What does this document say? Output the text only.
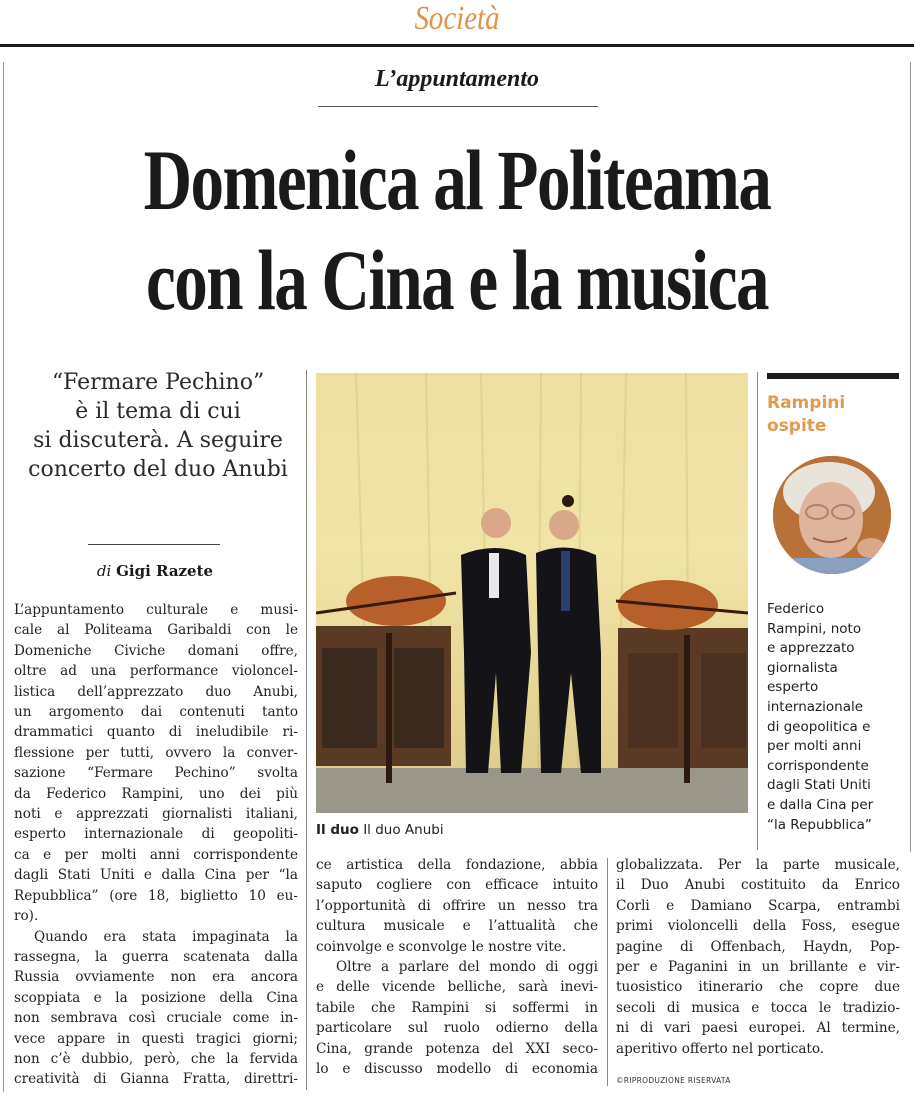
Società
L’appuntamento
Domenica al Politeama
con la Cina e la musica
“Fermare Pechino”
è il tema di cui
si discuterà. A seguire
concerto del duo Anubi
di Gigi Razete

L’appuntamento culturale e musi-
cale al Politeama Garibaldi con le
Domeniche Civiche domani offre,
oltre ad una performance violoncel-
listica dell’apprezzato duo Anubi,
un argomento dai contenuti tanto
drammatici quanto di ineludibile ri-
flessione per tutti, ovvero la conver-
sazione “Fermare Pechino” svolta
da Federico Rampini, uno dei più
noti e apprezzati giornalisti italiani,
esperto internazionale di geopoliti-
ca e per molti anni corrispondente
dagli Stati Uniti e dalla Cina per “la
Repubblica” (ore 18, biglietto 10 eu-
ro).

Quando era stata impaginata la
rassegna, la guerra scatenata dalla
Russia ovviamente non era ancora
scoppiata e la posizione della Cina
non sembrava così cruciale come in-
vece appare in questi tragici giorni;
non c’è dubbio, però, che la fervida
creatività di Gianna Fratta, direttri-

Il duo Il duo Anubi
Rampini
ospite
Federico
Rampini, noto
e apprezzato
giornalista
esperto
internazionale
di geopolitica e
per molti anni
corrispondente
dagli Stati Uniti
e dalla Cina per
“la Repubblica”

ce artistica della fondazione, abbia
saputo cogliere con efficace intuito
l’opportunità di offrire un nesso tra
cultura musicale e l’attualità che
coinvolge e sconvolge le nostre vite.

Oltre a parlare del mondo di oggi
e delle vicende belliche, sarà inevi-
tabile che Rampini si soffermi in
particolare sul ruolo odierno della
Cina, grande potenza del XXI seco-
lo e discusso modello di economia

globalizzata. Per la parte musicale,
il Duo Anubi costituito da Enrico
Corli e Damiano Scarpa, entrambi
primi violoncelli della Foss, esegue
pagine di Offenbach, Haydn, Pop-
per e Paganini in un brillante e vir-
tuosistico itinerario che copre due
secoli di musica e tocca le tradizio-
ni di vari paesi europei. Al termine,
aperitivo offerto nel porticato.

©RIPRODUZIONE RISERVATA
